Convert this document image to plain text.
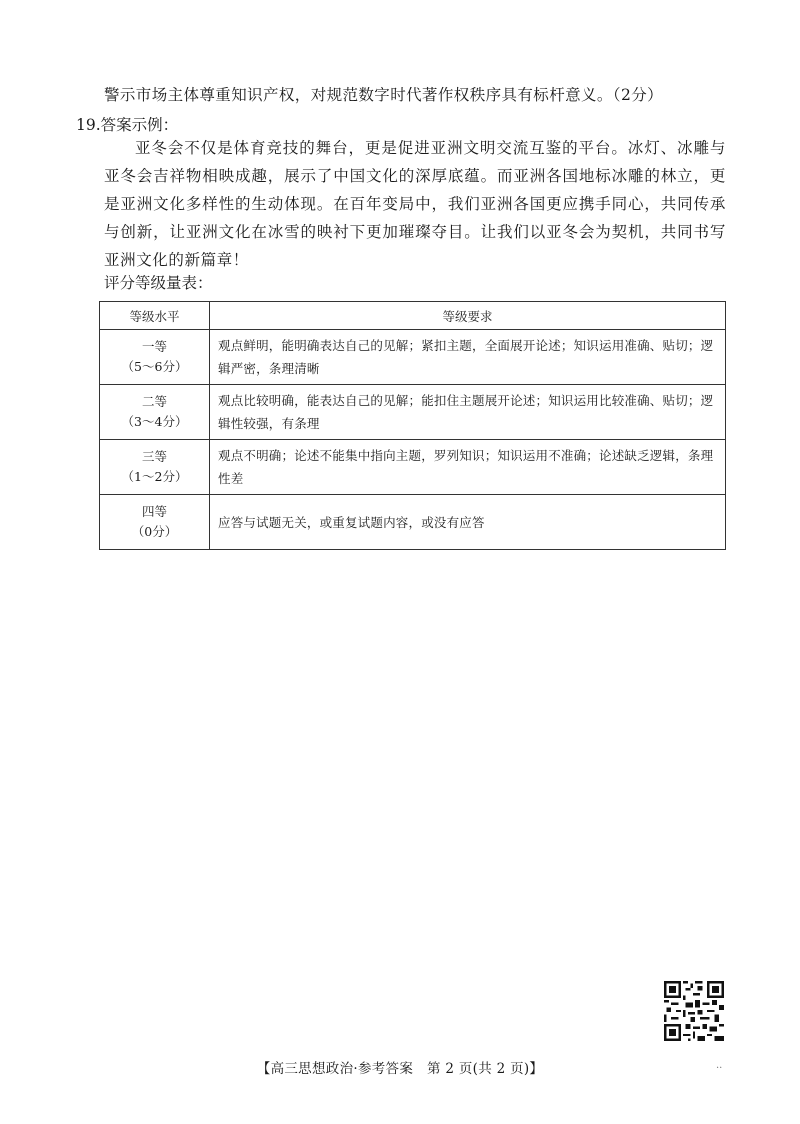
警示市场主体尊重知识产权，对规范数字时代著作权秩序具有标杆意义。（2分）
19.答案示例：
亚冬会不仅是体育竞技的舞台，更是促进亚洲文明交流互鉴的平台。冰灯、冰雕与亚冬会吉祥物相映成趣，展示了中国文化的深厚底蕴。而亚洲各国地标冰雕的林立，更是亚洲文化多样性的生动体现。在百年变局中，我们亚洲各国更应携手同心，共同传承与创新，让亚洲文化在冰雪的映衬下更加璀璨夺目。让我们以亚冬会为契机，共同书写亚洲文化的新篇章！
评分等级量表：
等级水平	等级要求

一等
（5～6分）	观点鲜明，能明确表达自己的见解；紧扣主题，全面展开论述；知识运用准确、贴切；逻辑严密，条理清晰

二等
（3～4分）	观点比较明确，能表达自己的见解；能扣住主题展开论述；知识运用比较准确、贴切；逻辑性较强，有条理

三等
（1～2分）	观点不明确；论述不能集中指向主题，罗列知识；知识运用不准确；论述缺乏逻辑，条理性差

四等
（0分）	应答与试题无关，或重复试题内容，或没有应答
【高三思想政治·参考答案　第 2 页(共 2 页)】	..
